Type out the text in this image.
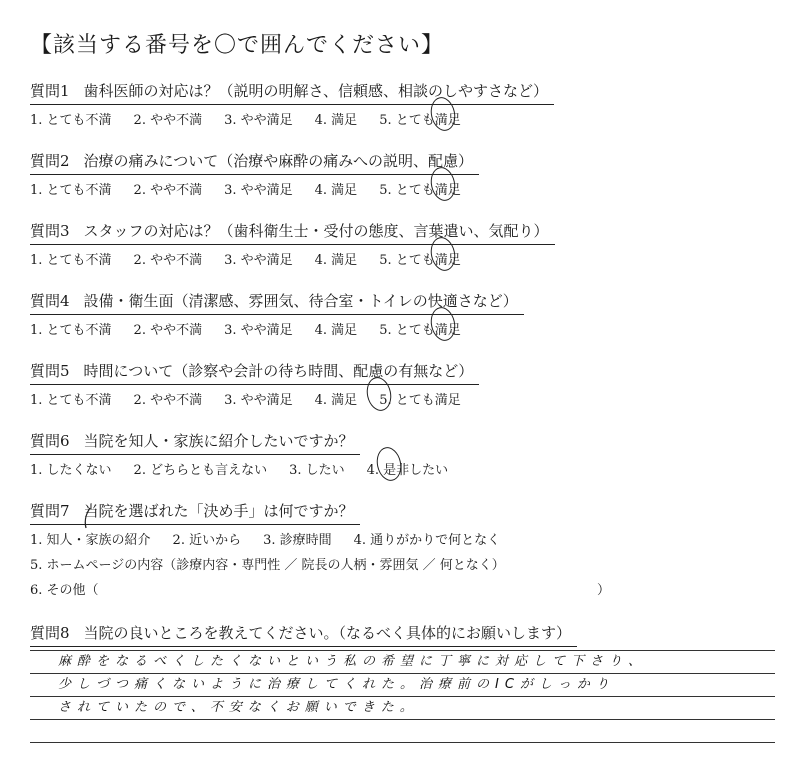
【該当する番号を〇で囲んでください】
質問1 歯科医師の対応は？（説明の明解さ、信頼感、相談のしやすさなど）
1. とても不満 2. やや不満 3. やや満足 4. 満足 5. とても満足
質問2 治療の痛みについて（治療や麻酔の痛みへの説明、配慮）
1. とても不満 2. やや不満 3. やや満足 4. 満足 5. とても満足
質問3 スタッフの対応は？（歯科衛生士・受付の態度、言葉遣い、気配り）
1. とても不満 2. やや不満 3. やや満足 4. 満足 5. とても満足
質問4 設備・衛生面（清潔感、雰囲気、待合室・トイレの快適さなど）
1. とても不満 2. やや不満 3. やや満足 4. 満足 5. とても満足
質問5 時間について（診察や会計の待ち時間、配慮の有無など）
1. とても不満 2. やや不満 3. やや満足 4. 満足 5. とても満足
質問6 当院を知人・家族に紹介したいですか？
1. したくない 2. どちらとも言えない 3. したい 4. 是非したい
質問7 当院を選ばれた「決め手」は何ですか？
1. 知人・家族の紹介 2. 近いから 3. 診療時間 4. 通りがかりで何となく
5. ホームページの内容（診療内容・専門性 ／ 院長の人柄・雰囲気 ／ 何となく）
6. その他（	）
質問8 当院の良いところを教えてください。（なるべく具体的にお願いします）
麻酔をなるべくしたくないという私の希望に丁寧に対応して下さり、
少しづつ痛くないように治療してくれた。治療前のICがしっかり
されていたので、不安なくお願いできた。
